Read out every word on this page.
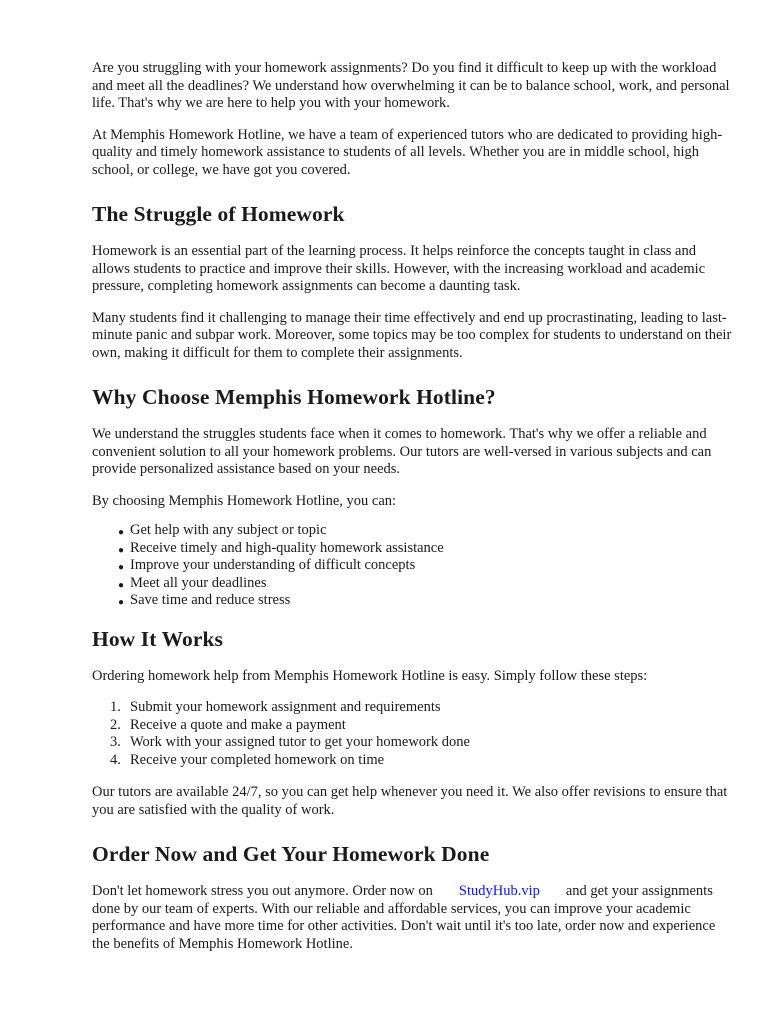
Are you struggling with your homework assignments? Do you find it difficult to keep up with the workload and meet all the deadlines? We understand how overwhelming it can be to balance school, work, and personal life. That's why we are here to help you with your homework.

At Memphis Homework Hotline, we have a team of experienced tutors who are dedicated to providing high-quality and timely homework assistance to students of all levels. Whether you are in middle school, high school, or college, we have got you covered.

The Struggle of Homework

Homework is an essential part of the learning process. It helps reinforce the concepts taught in class and allows students to practice and improve their skills. However, with the increasing workload and academic pressure, completing homework assignments can become a daunting task.

Many students find it challenging to manage their time effectively and end up procrastinating, leading to last-minute panic and subpar work. Moreover, some topics may be too complex for students to understand on their own, making it difficult for them to complete their assignments.

Why Choose Memphis Homework Hotline?

We understand the struggles students face when it comes to homework. That's why we offer a reliable and convenient solution to all your homework problems. Our tutors are well-versed in various subjects and can provide personalized assistance based on your needs.

By choosing Memphis Homework Hotline, you can:

● Get help with any subject or topic
● Receive timely and high-quality homework assistance
● Improve your understanding of difficult concepts
● Meet all your deadlines
● Save time and reduce stress
How It Works

Ordering homework help from Memphis Homework Hotline is easy. Simply follow these steps:

1. Submit your homework assignment and requirements
2. Receive a quote and make a payment
3. Work with your assigned tutor to get your homework done
4. Receive your completed homework on time

Our tutors are available 24/7, so you can get help whenever you need it. We also offer revisions to ensure that you are satisfied with the quality of work.

Order Now and Get Your Homework Done

Don't let homework stress you out anymore. Order now on StudyHub.vip and get your assignments done by our team of experts. With our reliable and affordable services, you can improve your academic performance and have more time for other activities. Don't wait until it's too late, order now and experience the benefits of Memphis Homework Hotline.
